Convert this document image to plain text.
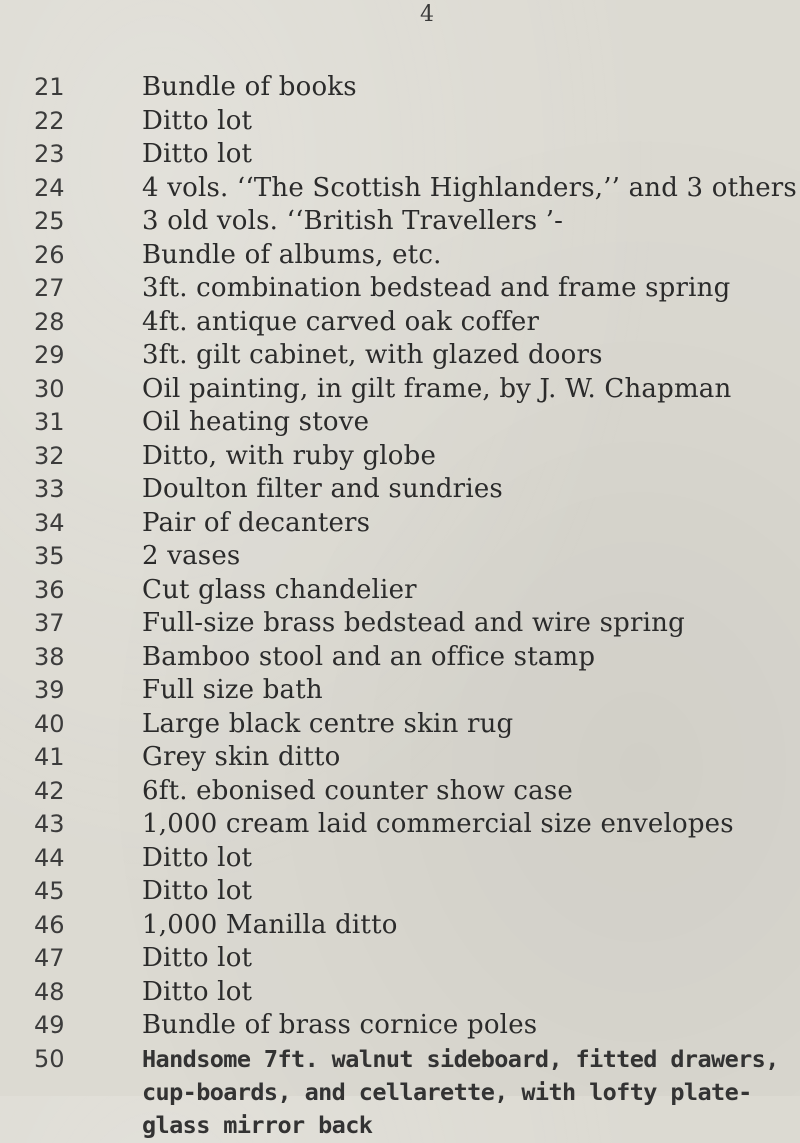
4
21	Bundle of books
22	Ditto lot
23	Ditto lot
24	4 vols. ‘‘The Scottish Highlanders,’’ and 3 others
25	3 old vols. ‘‘British Travellers ’-
26	Bundle of albums, etc.
27	3ft. combination bedstead and frame spring
28	4ft. antique carved oak coffer
29	3ft. gilt cabinet, with glazed doors
30	Oil painting, in gilt frame, by J. W. Chapman
31	Oil heating stove
32	Ditto, with ruby globe
33	Doulton filter and sundries
34	Pair of decanters
35	2 vases
36	Cut glass chandelier
37	Full-size brass bedstead and wire spring
38	Bamboo stool and an office stamp
39	Full size bath
40	Large black centre skin rug
41	Grey skin ditto
42	6ft. ebonised counter show case
43	1,000 cream laid commercial size envelopes
44	Ditto lot
45	Ditto lot
46	1,000 Manilla ditto
47	Ditto lot
48	Ditto lot
49	Bundle of brass cornice poles
50	Handsome 7ft. walnut sideboard, fitted drawers, cup-boards, and cellarette, with lofty plate-glass mirror back
